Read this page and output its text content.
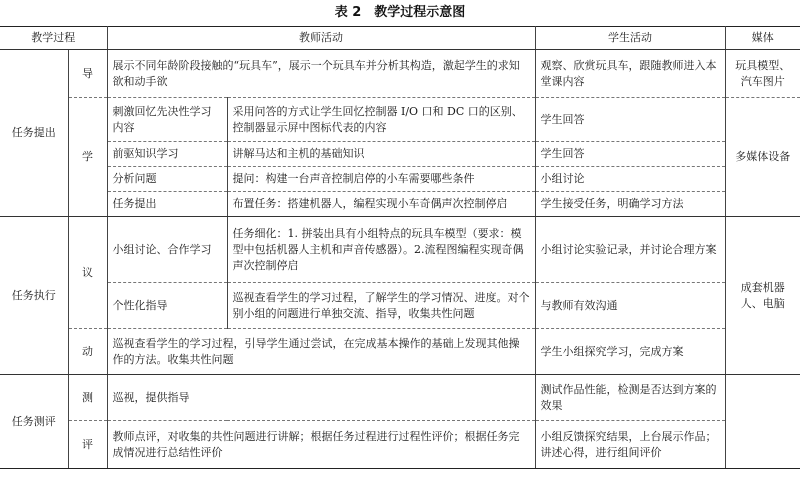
表 2　教学过程示意图
教学过程		教师活动		学生活动	媒体
任务提出	导	展示不同年龄阶段接触的“玩具车”，展示一个玩具车并分析其构造，激起学生的求知欲和动手欲		观察、欣赏玩具车，跟随教师进入本堂课内容	玩具模型、汽车图片
	学	刺激回忆先决性学习内容	采用问答的方式让学生回忆控制器 I/O 口和 DC 口的区别、控制器显示屏中图标代表的内容	学生回答	多媒体设备
		前驱知识学习	讲解马达和主机的基础知识	学生回答	
		分析问题	提问：构建一台声音控制启停的小车需要哪些条件	小组讨论	
		任务提出	布置任务：搭建机器人，编程实现小车奇偶声次控制停启	学生接受任务，明确学习方法	
任务执行	议	小组讨论、合作学习	任务细化：1. 拼装出具有小组特点的玩具车模型（要求：模型中包括机器人主机和声音传感器）。2.流程图编程实现奇偶声次控制停启	小组讨论实验记录，并讨论合理方案	成套机器人、电脑
		个性化指导	巡视查看学生的学习过程，了解学生的学习情况、进度。对个别小组的问题进行单独交流、指导，收集共性问题	与教师有效沟通	
	动	巡视查看学生的学习过程，引导学生通过尝试，在完成基本操作的基础上发现其他操作的方法。收集共性问题		学生小组探究学习，完成方案	
任务测评	测	巡视，提供指导		测试作品性能，检测是否达到方案的效果	
	评	教师点评，对收集的共性问题进行讲解；根据任务过程进行过程性评价；根据任务完成情况进行总结性评价		小组反馈探究结果，上台展示作品；讲述心得，进行组间评价	
